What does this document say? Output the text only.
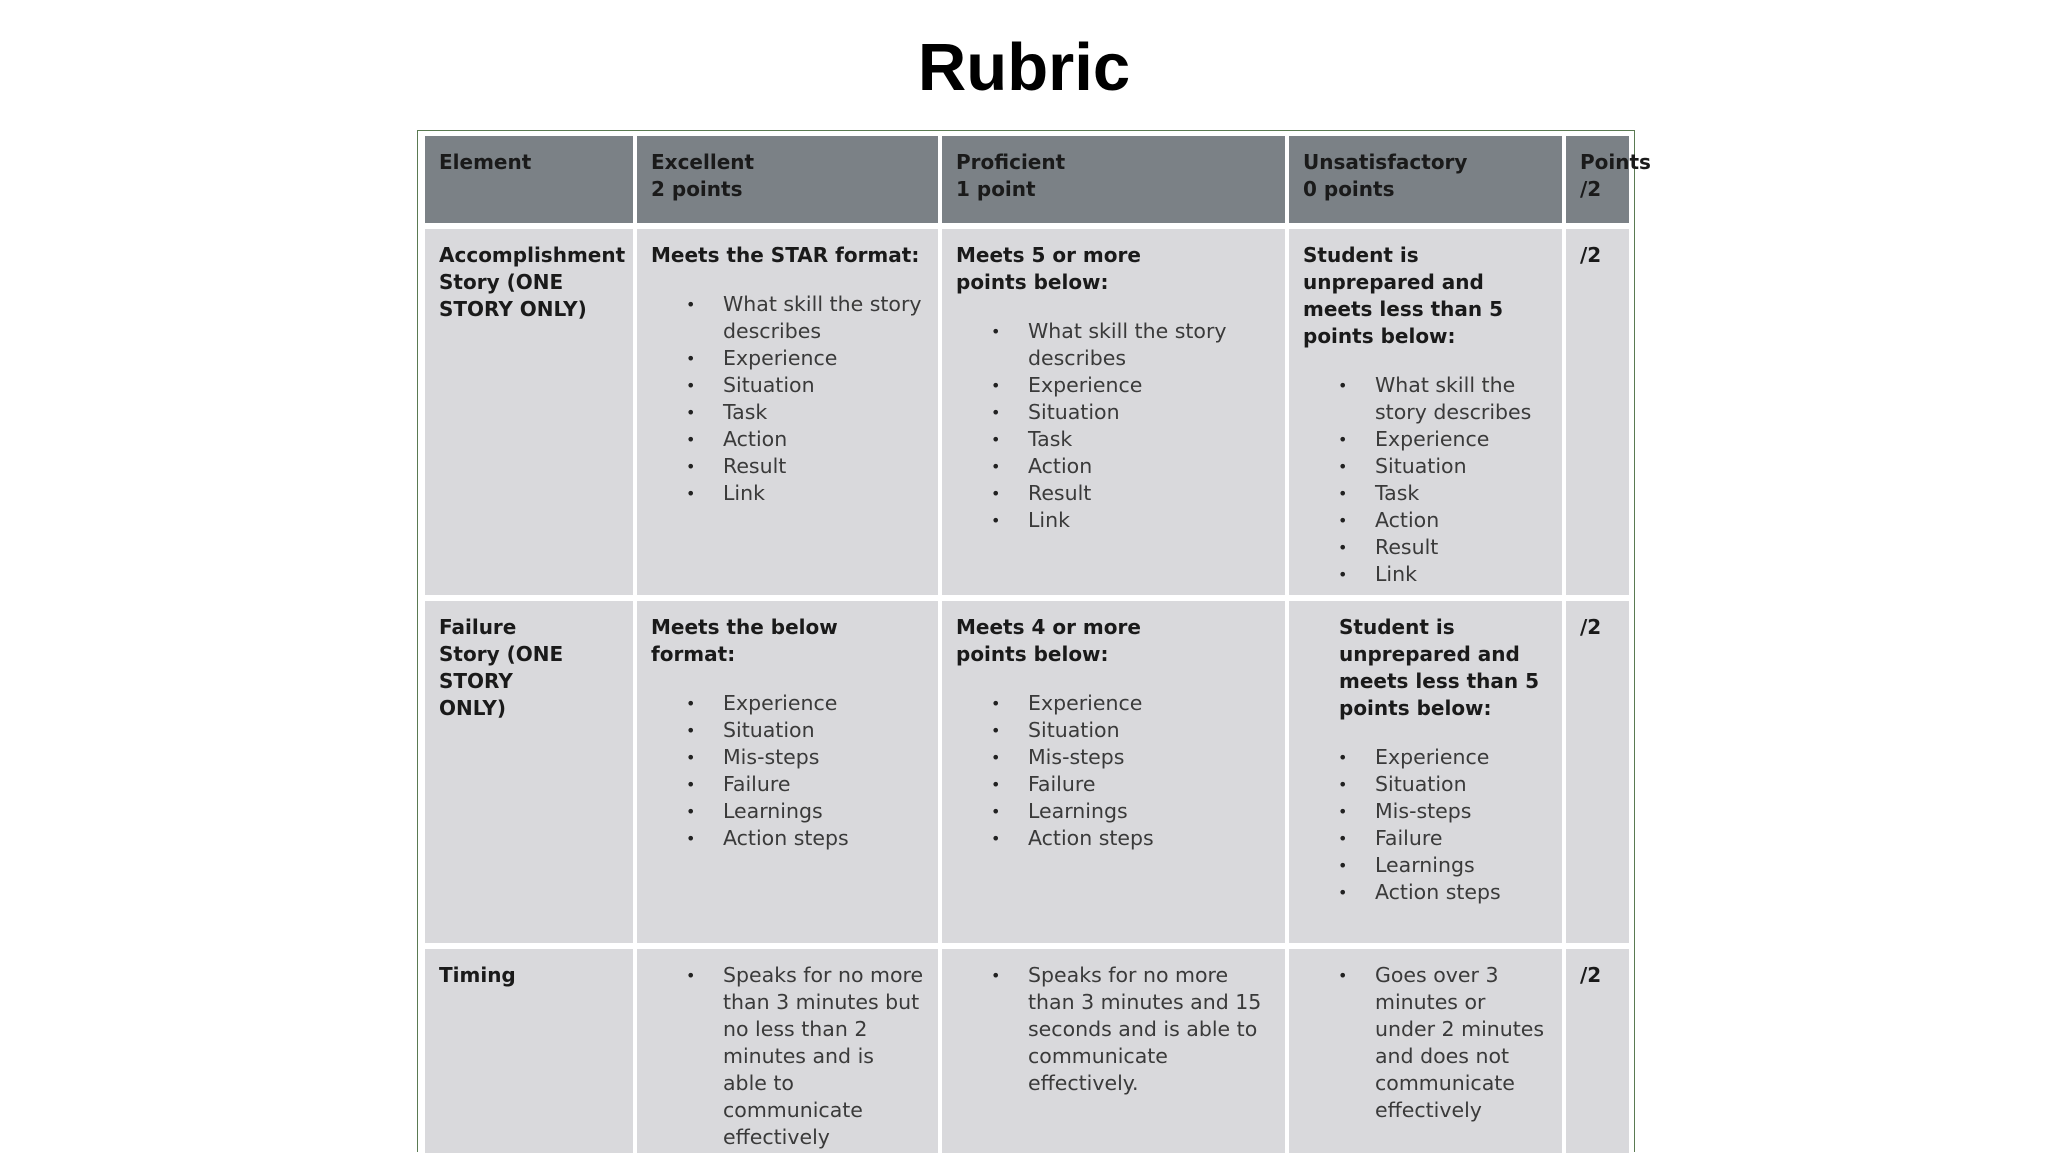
Rubric
Element	Excellent
2 points
Proficient
1 point
Unsatisfactory
0 points
Points
/2
Accomplishment Story (ONE STORY ONLY)
Meets the STAR format:
• What skill the story describes
• Experience
• Situation
• Task
• Action
• Result
• Link
Meets 5 or more points below:
• What skill the story describes
• Experience
• Situation
• Task
• Action
• Result
• Link
Student is unprepared and meets less than 5 points below:
• What skill the story describes
• Experience
• Situation
• Task
• Action
• Result
• Link
/2
Failure Story (ONE STORY ONLY)
Meets the below format:
• Experience
• Situation
• Mis-steps
• Failure
• Learnings
• Action steps
Meets 4 or more points below:
• Experience
• Situation
• Mis-steps
• Failure
• Learnings
• Action steps
Student is unprepared and meets less than 5 points below:
• Experience
• Situation
• Mis-steps
• Failure
• Learnings
• Action steps
/2
Timing
•	Speaks for no more than 3 minutes but no less than 2 minutes and is able to communicate effectively
• Speaks for no more than 3 minutes and 15 seconds and is able to communicate effectively.
• Goes over 3 minutes or under 2 minutes and does not communicate effectively
/2
